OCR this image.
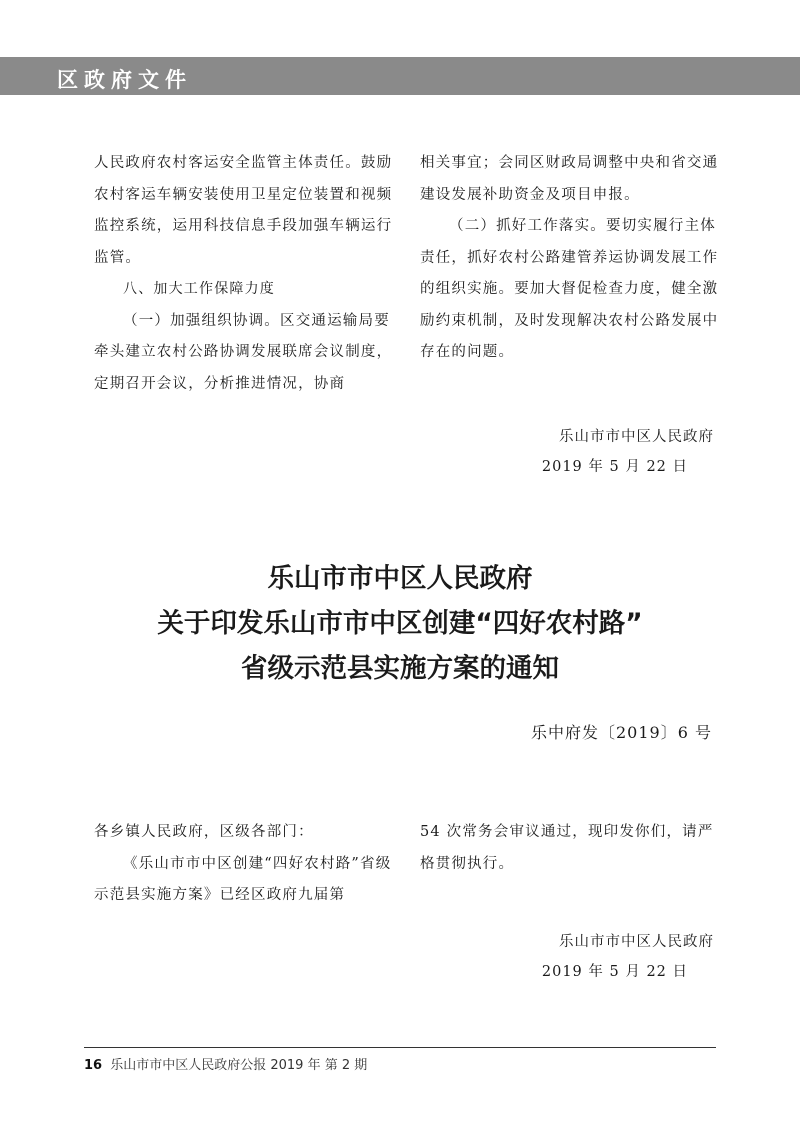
区政府文件

人民政府农村客运安全监管主体责任。鼓励农村客运车辆安装使用卫星定位装置和视频监控系统，运用科技信息手段加强车辆运行监管。

八、加大工作保障力度

（一）加强组织协调。区交通运输局要牵头建立农村公路协调发展联席会议制度，定期召开会议，分析推进情况，协商

相关事宜；会同区财政局调整中央和省交通建设发展补助资金及项目申报。

（二）抓好工作落实。要切实履行主体责任，抓好农村公路建管养运协调发展工作的组织实施。要加大督促检查力度，健全激励约束机制，及时发现解决农村公路发展中存在的问题。

乐山市市中区人民政府

2019 年 5 月 22 日

乐山市市中区人民政府
关于印发乐山市市中区创建“四好农村路”
省级示范县实施方案的通知
乐中府发〔2019〕6 号

各乡镇人民政府，区级各部门：

《乐山市市中区创建“四好农村路”省级示范县实施方案》已经区政府九届第

54 次常务会审议通过，现印发你们，请严格贯彻执行。

乐山市市中区人民政府

2019 年 5 月 22 日

16 乐山市市中区人民政府公报 2019 年 第 2 期
